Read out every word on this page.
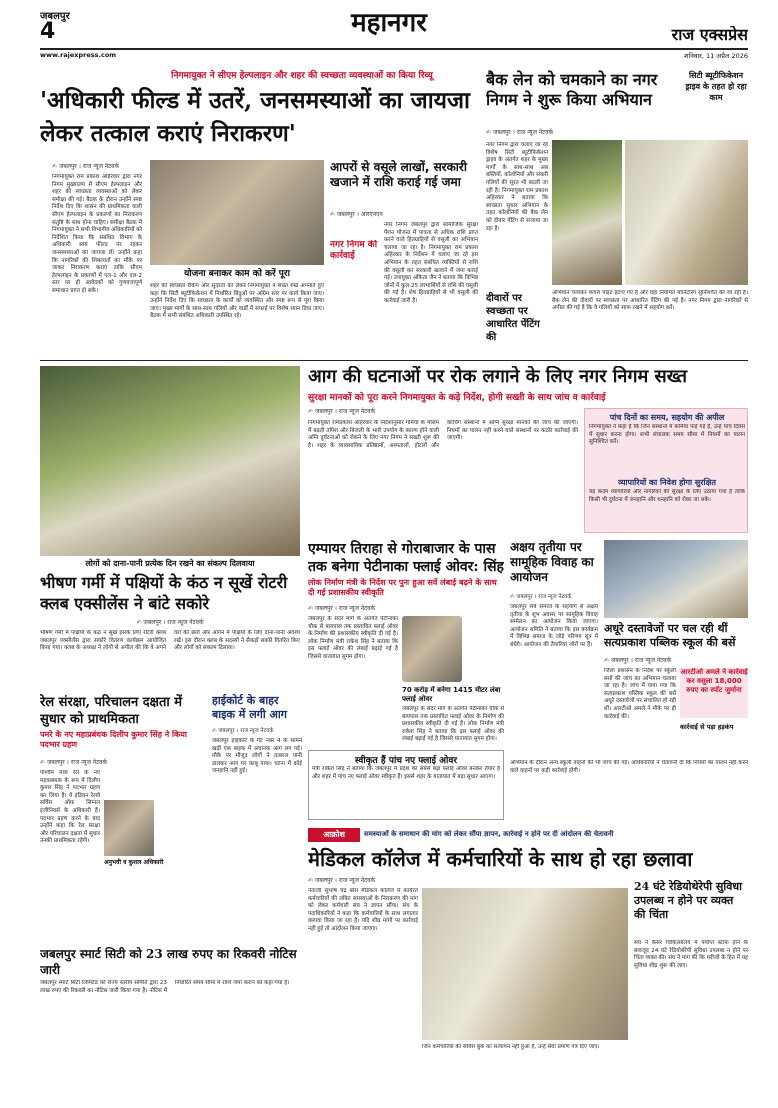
जबलपुर
4	महानगर	राज एक्सप्रेस
www.rajexpress.com	शनिवार, 11 अप्रैल 2026
निगमायुक्त ने सीएम हेल्पलाइन और शहर की स्वच्छता व्यवस्थाओं का किया रिव्यू
'अधिकारी फील्ड में उतरें, जनसमस्याओं का जायजा लेकर तत्काल कराएं निराकरण'
✍ जबलपुर । राज न्यूज नेटवर्क
निगमायुक्त राम प्रकाश अहिरवार द्वारा नगर निगम मुख्यालय में सीएम हेल्पलाइन और शहर की स्वच्छता व्यवस्थाओं को लेकर समीक्षा की गई। बैठक के दौरान उन्होंने स्पष्ट निर्देश दिए कि शासन की प्राथमिकता वाली सीएम हेल्पलाइन के प्रकरणों का निराकरण संतुष्टि के साथ होना चाहिए। समीक्षा बैठक में निगमायुक्त ने सभी विभागीय अधिकारियों को निर्देशित किया कि संबंधित विभाग के अधिकारी स्वयं फील्ड पर रहकर जनसमस्याओं का जायजा लें। उन्होंने कहा कि नागरिकों की शिकायतों का मौके पर जाकर निराकरण कराएं ताकि सीएम हेल्पलाइन के प्रकरणों में एल-1 और एल-2 स्तर पर ही आवेदकों को गुणवत्तापूर्ण समाधान प्राप्त हो सके।
योजना बनाकर काम को करें पूरा
शहर की स्वच्छता रैंकिंग और सुंदरता को लेकर निगमायुक्त ने सख्त रुख अपनाते हुए कहा कि सिटी ब्यूटीफिकेशन में निर्धारित बिंदुओं पर अग्रिम स्तर पर कार्य किया जाए। उन्होंने निर्देश दिए कि स्वच्छता के कार्यों को व्यवस्थित और स्पष्ट रूप से पूरा किया जाए। मुख्य मार्गों के साथ-साथ गलियों और वार्डों में सफाई पर विशेष ध्यान दिया जाए। बैठक में सभी संबंधित अधिकारी उपस्थित रहे।
आपरों से वसूले लाखों, सरकारी खजाने में राशि कराई गई जमा
✍ जबलपुर । आरएनएन
नगर निगम की कार्रवाई
नगर निगम जबलपुर द्वारा सामाजिक सुरक्षा पेंशन योजना में पात्रता से अधिक राशि प्राप्त करने वाले हितग्राहियों से वसूली का अभियान चलाया जा रहा है। निगमायुक्त राम प्रकाश अहिरवार के निर्देशन में चलाए जा रहे इस अभियान के तहत संबंधित व्यक्तियों से राशि की वसूली कर सरकारी खजाने में जमा कराई गई। उपायुक्त अंकिता जैन ने बताया कि विभिन्न जोनों में कुल 25 लाभार्थियों से राशि की वसूली की गई है। शेष हितग्राहियों से भी वसूली की कार्रवाई जारी है।
बैक लेन को चमकाने का नगर निगम ने शुरू किया अभियान
सिटी ब्यूटीफिकेशन ड्राइव के तहत हो रहा काम
✍ जबलपुर । राज न्यूज नेटवर्क
नगर निगम द्वारा चलाए जा रहे विशेष सिटी ब्यूटीफिकेशन ड्राइव के अंतर्गत शहर के मुख्य मार्गों के साथ-साथ अब बस्तियों, कॉलोनियों और संकरी गलियों की सूरत भी बदली जा रही है। निगमायुक्त राम प्रकाश अहिरवार ने बताया कि स्वच्छता सुधार अभियान के तहत कॉलोनियों की बैक लेन को दीवार पेंटिंग से सजाया जा रहा है।
दीवारों पर स्वच्छता पर आधारित पेंटिंग की
अभियान चलाकर कचरा पॉइंट हटाए गए हैं और वहां नियमित मॉनिटरिंग सुनिश्चित की जा रही है। बैक लेन की दीवारों पर स्वच्छता पर आधारित पेंटिंग की गई है। नगर निगम द्वारा नागरिकों से अपील की गई है कि वे गलियों को साफ रखने में सहयोग करें।
लोगों को दाना-पानी प्रत्येक दिन रखने का संकल्प दिलवाया
आग की घटनाओं पर रोक लगाने के लिए नगर निगम सख्त
सुरक्षा मानकों को पूरा करने निगमायुक्त के कड़े निर्देश, होगी सख्ती के साथ जांच व कार्रवाई
✍ जबलपुर । राज न्यूज नेटवर्क
निगमायुक्त रामप्रकाश अहिरवार के निर्देशानुसार गर्मियों के मौसम में बढ़ती तपिश और बिजली के भारी उपयोग के कारण होने वाली अग्नि दुर्घटनाओं को रोकने के लिए नगर निगम ने सख्ती शुरू की है। शहर के व्यावसायिक प्रतिष्ठानों, अस्पतालों, होटलों और कोचिंग संस्थानों में अग्नि सुरक्षा मानकों की जांच की जाएगी। नियमों का पालन नहीं करने वाले संस्थानों पर कठोर कार्रवाई की जाएगी।
पांच दिनों का समय, सहयोग की अपील
निगमायुक्त ने कहा है कि जिन संस्थानों में कमियां पाई गई हैं, उन्हें पांच दिवस में सुधार करना होगा। सभी संचालक समय सीमा में नियमों का पालन सुनिश्चित करें।
व्यापारियों का निवेश होगा सुरक्षित
यह कदम व्यापारियों और नागरिकों की सुरक्षा के लिए उठाया गया है ताकि किसी भी दुर्घटना में जनहानि और धनहानि को रोका जा सके।
भीषण गर्मी में पक्षियों के कंठ न सूखें रोटरी क्लब एक्सीलेंस ने बांटे सकोरे
✍ जबलपुर । राज न्यूज नेटवर्क
भीषण गर्मी में पक्षियों के कंठ न सूखें इसके लिए रोटरी क्लब जबलपुर एक्सीलेंस द्वारा सकोरे वितरण कार्यक्रम आयोजित किया गया। क्लब के अध्यक्ष ने लोगों से अपील की कि वे अपने घरों की छतों और आंगन में पक्षियों के लिए दाना-पानी अवश्य रखें। इस दौरान क्लब के सदस्यों ने सैकड़ों सकोरे वितरित किए और लोगों को संकल्प दिलाया।
एम्पायर तिराहा से गोराबाजार के पास तक बनेगा पेटीनाका फ्लाई ओवर: सिंह
लोक निर्माण मंत्री के निर्देश पर पुनः हुआ सर्वे लंबाई बढ़ने के साथ दी गई प्रशासकीय स्वीकृति
✍ जबलपुर । राज न्यूज नेटवर्क
जबलपुर के सदर मार्ग के अंतर्गत पेटीनाका चौक से बायपास तक प्रस्तावित फ्लाई ओवर के निर्माण की प्रशासकीय स्वीकृति दी गई है। लोक निर्माण मंत्री राकेश सिंह ने बताया कि इस फ्लाई ओवर की लंबाई बढ़ाई गई है जिससे यातायात सुगम होगा।
70 करोड़ में बनेगा 1415 मीटर लंबा फ्लाई ओवर
जबलपुर के सदर मार्ग के अंतर्गत पेटीनाका चौक से बायपास तक प्रस्तावित फ्लाई ओवर के निर्माण की प्रशासकीय स्वीकृति दी गई है। लोक निर्माण मंत्री राकेश सिंह ने बताया कि इस फ्लाई ओवर की लंबाई बढ़ाई गई है जिससे यातायात सुगम होगा।
स्वीकृत हैं पांच नए फ्लाई ओवर
मंत्री राकेश सिंह ने बताया कि जबलपुर में प्रदेश का सबसे बड़ा फ्लाई ओवर बनकर तैयार है और शहर में पांच नए फ्लाई ओवर स्वीकृत हैं। इससे शहर के यातायात में बड़ा सुधार आएगा।
अक्षय तृतीया पर सामूहिक विवाह का आयोजन
✍ जबलपुर । राज न्यूज नेटवर्क
जबलपुर सर्व समाज के सहयोग से अक्षय तृतीया के शुभ अवसर पर सामूहिक विवाह सम्मेलन का आयोजन किया जाएगा। आयोजन समिति ने बताया कि इस कार्यक्रम में विभिन्न समाज के जोड़े परिणय सूत्र में बंधेंगे। आयोजन की तैयारियां जोरों पर हैं।
अधूरे दस्तावेजों पर चल रही थीं सत्यप्रकाश पब्लिक स्कूल की बसें
✍ जबलपुर । राज न्यूज नेटवर्क
जिला प्रशासन के निर्देश पर स्कूली बसों की जांच का अभियान चलाया जा रहा है। जांच में पाया गया कि सत्यप्रकाश पब्लिक स्कूल की बसें अधूरे दस्तावेजों पर संचालित हो रही थीं। आरटीओ अमले ने मौके पर ही कार्रवाई की।
आरटीओ अमले ने कार्रवाई कर वसूला 18,000 रुपए का स्पॉट जुर्माना
कार्रवाई से पड़ा हड़कंप
अभियान के दौरान अन्य स्कूली वाहनों की भी जांच की गई। अधिकारियों ने चेतावनी दी कि नियमों का पालन नहीं करने वाले वाहनों पर कड़ी कार्रवाई होगी।
रेल संरक्षा, परिचालन दक्षता में सुधार को प्राथमिकता
पमरे के नए महाप्रबंधक दिलीप कुमार सिंह ने किया पदभार ग्रहण
✍ जबलपुर । राज न्यूज नेटवर्क
पश्चिम मध्य रेल के नए महाप्रबंधक के रूप में दिलीप कुमार सिंह ने पदभार ग्रहण कर लिया है। वे इंडियन रेलवे सर्विस ऑफ सिग्नल इंजीनियर्स के अधिकारी हैं। पदभार ग्रहण करने के बाद उन्होंने कहा कि रेल संरक्षा और परिचालन दक्षता में सुधार उनकी प्राथमिकता रहेगी।
अनुभवी व कुशल अधिकारी
हाईकोर्ट के बाहर बाइक में लगी आग
✍ जबलपुर । राज न्यूज नेटवर्क
जबलपुर हाईकोर्ट के गेट नंबर 4 के सामने खड़ी एक बाइक में अचानक आग लग गई। मौके पर मौजूद लोगों ने तत्काल पानी डालकर आग पर काबू पाया। घटना में कोई जनहानि नहीं हुई।
जबलपुर स्मार्ट सिटी को 23 लाख रुपए का रिकवरी नोटिस जारी
जबलपुर स्मार्ट सिटी लिमिटेड को राज्य स्तरीय समिति द्वारा 23 लाख रुपए की रिकवरी का नोटिस जारी किया गया है। नोटिस में निर्धारित समय सीमा में राशि जमा कराने को कहा गया है।
आक्रोश	समस्याओं के समाधान की मांग को लेकर सौंपा ज्ञापन, कार्रवाई न होने पर दी आंदोलन की चेतावनी
मेडिकल कॉलेज में कर्मचारियों के साथ हो रहा छलावा
✍ जबलपुर । राज न्यूज नेटवर्क
नेताजी सुभाष चंद्र बोस मेडिकल कॉलेज में कार्यरत कर्मचारियों की लंबित समस्याओं के निराकरण की मांग को लेकर कर्मचारी संघ ने ज्ञापन सौंपा। संघ के पदाधिकारियों ने कहा कि कर्मचारियों के साथ लगातार छलावा किया जा रहा है। यदि शीघ्र मांगों पर कार्रवाई नहीं हुई तो आंदोलन किया जाएगा।
जिन कर्मचारियों की सर्विस बुक का सत्यापन नहीं हुआ है, उन्हें सेवा प्रमाण पत्र दिए जाएं।
24 घंटे रेडियोथेरेपी सुविधा उपलब्ध न होने पर व्यक्त की चिंता
संघ ने कैंसर चिकित्सालय में पर्याप्त स्टाफ होने के बावजूद 24 घंटे रेडियोथेरेपी सुविधा उपलब्ध न होने पर चिंता व्यक्त की। संघ ने मांग की कि मरीजों के हित में यह सुविधा शीघ्र शुरू की जाए।
